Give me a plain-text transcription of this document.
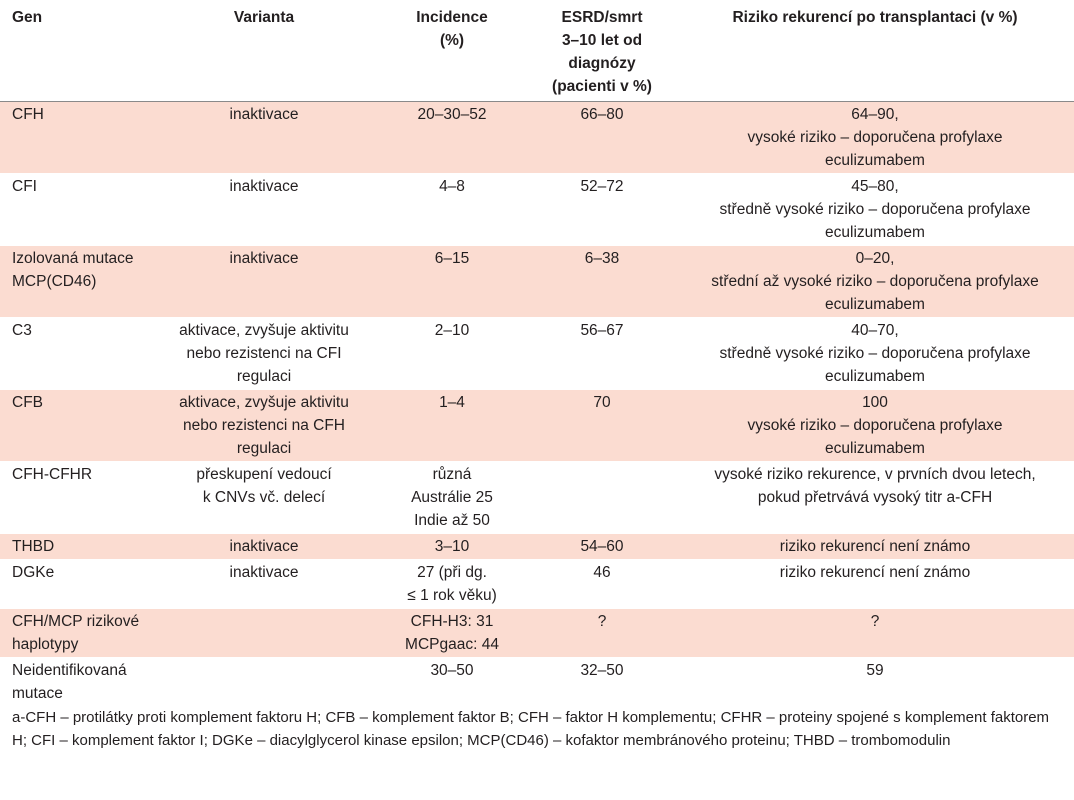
Gen	Varianta	Incidence
(%)	ESRD/smrt
3–10 let od diagnózy
(pacienti v %)	Riziko rekurencí po transplantaci (v %)
CFH	inaktivace	20–30–52	66–80	64–90,
vysoké riziko – doporučena profylaxe
eculizumabem
CFI	inaktivace	4–8	52–72	45–80,
středně vysoké riziko – doporučena profylaxe
eculizumabem
Izolovaná mutace
MCP(CD46)	inaktivace	6–15	6–38	0–20,
střední až vysoké riziko – doporučena profylaxe
eculizumabem
C3	aktivace, zvyšuje aktivitu
nebo rezistenci na CFI
regulaci	2–10	56–67	40–70,
středně vysoké riziko – doporučena profylaxe
eculizumabem
CFB	aktivace, zvyšuje aktivitu
nebo rezistenci na CFH
regulaci	1–4	70	100
vysoké riziko – doporučena profylaxe
eculizumabem
CFH-CFHR	přeskupení vedoucí
k CNVs vč. delecí	různá
Austrálie 25
Indie až 50		vysoké riziko rekurence, v prvních dvou letech,
pokud přetrvává vysoký titr a-CFH
THBD	inaktivace	3–10	54–60	riziko rekurencí není známo
DGKe	inaktivace	27 (při dg.
≤ 1 rok věku)	46	riziko rekurencí není známo
CFH/MCP rizikové
haplotypy		CFH-H3: 31
MCPgaac: 44	?	?
Neidentifikovaná
mutace		30–50	32–50	59
a-CFH – protilátky proti komplement faktoru H; CFB – komplement faktor B; CFH – faktor H komplementu; CFHR – proteiny spojené s komplement faktorem H; CFI – komplement faktor I; DGKe – diacylglycerol kinase epsilon; MCP(CD46) – kofaktor membránového proteinu; THBD – trombomodulin
